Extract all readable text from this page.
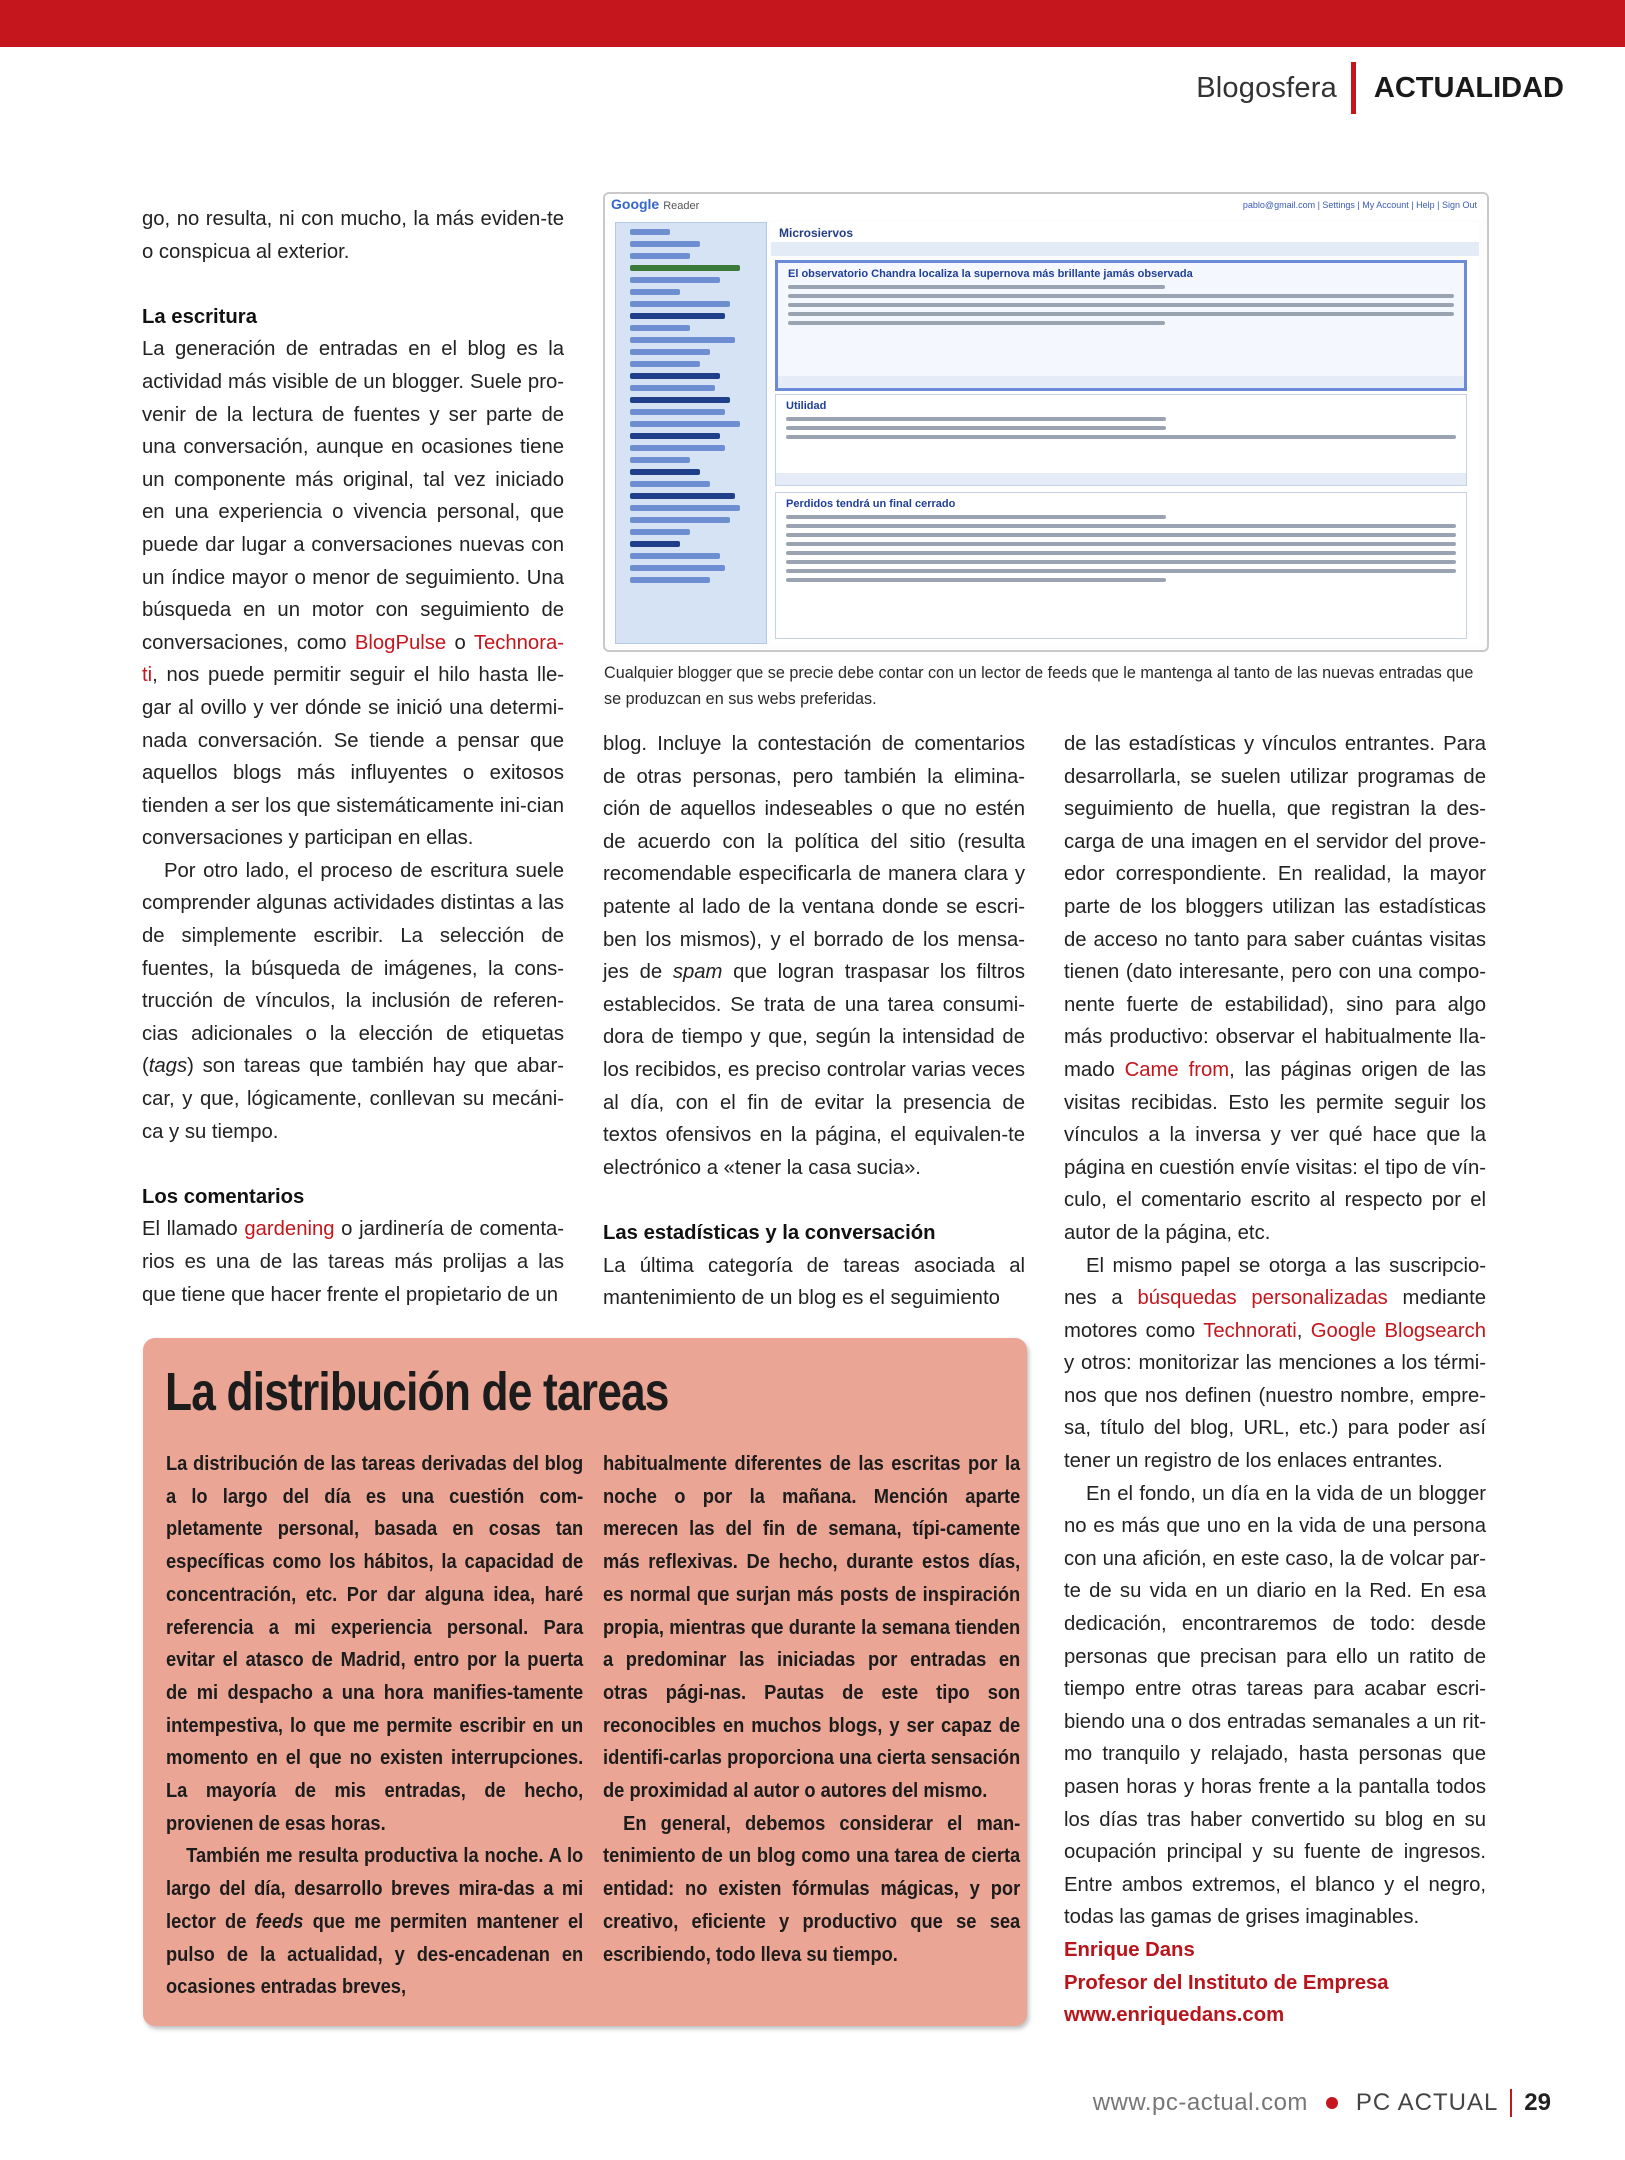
Blogosfera ACTUALIDAD

go, no resulta, ni con mucho, la más eviden-te o conspicua al exterior.

La escritura

La generación de entradas en el blog es la actividad más visible de un blogger. Suele pro-venir de la lectura de fuentes y ser parte de una conversación, aunque en ocasiones tiene un componente más original, tal vez iniciado en una experiencia o vivencia personal, que puede dar lugar a conversaciones nuevas con un índice mayor o menor de seguimiento. Una búsqueda en un motor con seguimiento de conversaciones, como BlogPulse o Technora-ti, nos puede permitir seguir el hilo hasta lle-gar al ovillo y ver dónde se inició una determi-nada conversación. Se tiende a pensar que aquellos blogs más influyentes o exitosos tienden a ser los que sistemáticamente ini-cian conversaciones y participan en ellas.

Por otro lado, el proceso de escritura suele comprender algunas actividades distintas a las de simplemente escribir. La selección de fuentes, la búsqueda de imágenes, la cons-trucción de vínculos, la inclusión de referen-cias adicionales o la elección de etiquetas (tags) son tareas que también hay que abar-car, y que, lógicamente, conllevan su mecáni-ca y su tiempo.

Los comentarios

El llamado gardening o jardinería de comenta-rios es una de las tareas más prolijas a las que tiene que hacer frente el propietario de un

Google Reader	pablo@gmail.com | Settings | My Account | Help | Sign Out
Microsiervos
El observatorio Chandra localiza la supernova más brillante jamás observada
Utilidad
Perdidos tendrá un final cerrado
Cualquier blogger que se precie debe contar con un lector de feeds que le mantenga al tanto de las nuevas entradas que se produzcan en sus webs preferidas.

blog. Incluye la contestación de comentarios de otras personas, pero también la elimina-ción de aquellos indeseables o que no estén de acuerdo con la política del sitio (resulta recomendable especificarla de manera clara y patente al lado de la ventana donde se escri-ben los mismos), y el borrado de los mensa-jes de spam que logran traspasar los filtros establecidos. Se trata de una tarea consumi-dora de tiempo y que, según la intensidad de los recibidos, es preciso controlar varias veces al día, con el fin de evitar la presencia de textos ofensivos en la página, el equivalen-te electrónico a «tener la casa sucia».

Las estadísticas y la conversación

La última categoría de tareas asociada al mantenimiento de un blog es el seguimiento

de las estadísticas y vínculos entrantes. Para desarrollarla, se suelen utilizar programas de seguimiento de huella, que registran la des-carga de una imagen en el servidor del prove-edor correspondiente. En realidad, la mayor parte de los bloggers utilizan las estadísticas de acceso no tanto para saber cuántas visitas tienen (dato interesante, pero con una compo-nente fuerte de estabilidad), sino para algo más productivo: observar el habitualmente lla-mado Came from, las páginas origen de las visitas recibidas. Esto les permite seguir los vínculos a la inversa y ver qué hace que la página en cuestión envíe visitas: el tipo de vín-culo, el comentario escrito al respecto por el autor de la página, etc.

El mismo papel se otorga a las suscripcio-nes a búsquedas personalizadas mediante motores como Technorati, Google Blogsearch y otros: monitorizar las menciones a los térmi-nos que nos definen (nuestro nombre, empre-sa, título del blog, URL, etc.) para poder así tener un registro de los enlaces entrantes.

En el fondo, un día en la vida de un blogger no es más que uno en la vida de una persona con una afición, en este caso, la de volcar par-te de su vida en un diario en la Red. En esa dedicación, encontraremos de todo: desde personas que precisan para ello un ratito de tiempo entre otras tareas para acabar escri-biendo una o dos entradas semanales a un rit-mo tranquilo y relajado, hasta personas que pasen horas y horas frente a la pantalla todos los días tras haber convertido su blog en su ocupación principal y su fuente de ingresos. Entre ambos extremos, el blanco y el negro, todas las gamas de grises imaginables.

Enrique Dans

Profesor del Instituto de Empresa

www.enriquedans.com

La distribución de tareas

La distribución de las tareas derivadas del blog a lo largo del día es una cuestión com-pletamente personal, basada en cosas tan específicas como los hábitos, la capacidad de concentración, etc. Por dar alguna idea, haré referencia a mi experiencia personal. Para evitar el atasco de Madrid, entro por la puerta de mi despacho a una hora manifies-tamente intempestiva, lo que me permite escribir en un momento en el que no existen interrupciones. La mayoría de mis entradas, de hecho, provienen de esas horas.

También me resulta productiva la noche. A lo largo del día, desarrollo breves mira-das a mi lector de feeds que me permiten mantener el pulso de la actualidad, y des-encadenan en ocasiones entradas breves,

habitualmente diferentes de las escritas por la noche o por la mañana. Mención aparte merecen las del fin de semana, típi-camente más reflexivas. De hecho, durante estos días, es normal que surjan más posts de inspiración propia, mientras que durante la semana tienden a predominar las iniciadas por entradas en otras pági-nas. Pautas de este tipo son reconocibles en muchos blogs, y ser capaz de identifi-carlas proporciona una cierta sensación de proximidad al autor o autores del mismo.

En general, debemos considerar el man-tenimiento de un blog como una tarea de cierta entidad: no existen fórmulas mágicas, y por creativo, eficiente y productivo que se sea escribiendo, todo lleva su tiempo.

www.pc-actual.com PC ACTUAL 29
